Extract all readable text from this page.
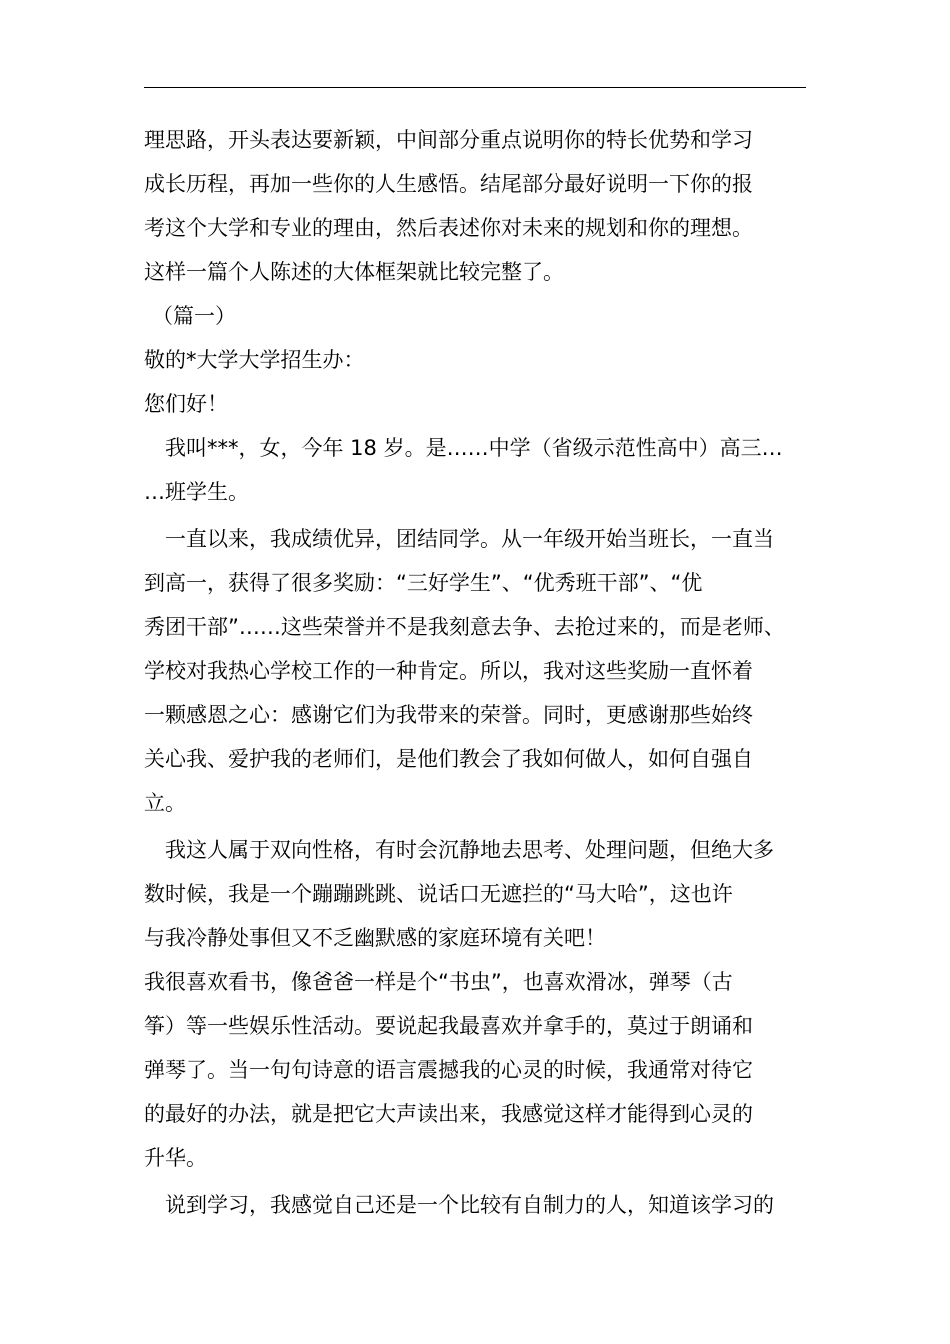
理思路，开头表达要新颖，中间部分重点说明你的特长优势和学习
成长历程，再加一些你的人生感悟。结尾部分最好说明一下你的报
考这个大学和专业的理由，然后表述你对未来的规划和你的理想。
这样一篇个人陈述的大体框架就比较完整了。
（篇一）
敬的*大学大学招生办：
您们好！
我叫***，女，今年 18 岁。是……中学（省级示范性高中）高三…
…班学生。
一直以来，我成绩优异，团结同学。从一年级开始当班长，一直当
到高一，获得了很多奖励：“三好学生”、“优秀班干部”、“优
秀团干部”……这些荣誉并不是我刻意去争、去抢过来的，而是老师、
学校对我热心学校工作的一种肯定。所以，我对这些奖励一直怀着
一颗感恩之心：感谢它们为我带来的荣誉。同时，更感谢那些始终
关心我、爱护我的老师们，是他们教会了我如何做人，如何自强自
立。
我这人属于双向性格，有时会沉静地去思考、处理问题，但绝大多
数时候，我是一个蹦蹦跳跳、说话口无遮拦的“马大哈”，这也许
与我冷静处事但又不乏幽默感的家庭环境有关吧！
我很喜欢看书，像爸爸一样是个“书虫”，也喜欢滑冰，弹琴（古
筝）等一些娱乐性活动。要说起我最喜欢并拿手的，莫过于朗诵和
弹琴了。当一句句诗意的语言震撼我的心灵的时候，我通常对待它
的最好的办法，就是把它大声读出来，我感觉这样才能得到心灵的
升华。
说到学习，我感觉自己还是一个比较有自制力的人，知道该学习的
